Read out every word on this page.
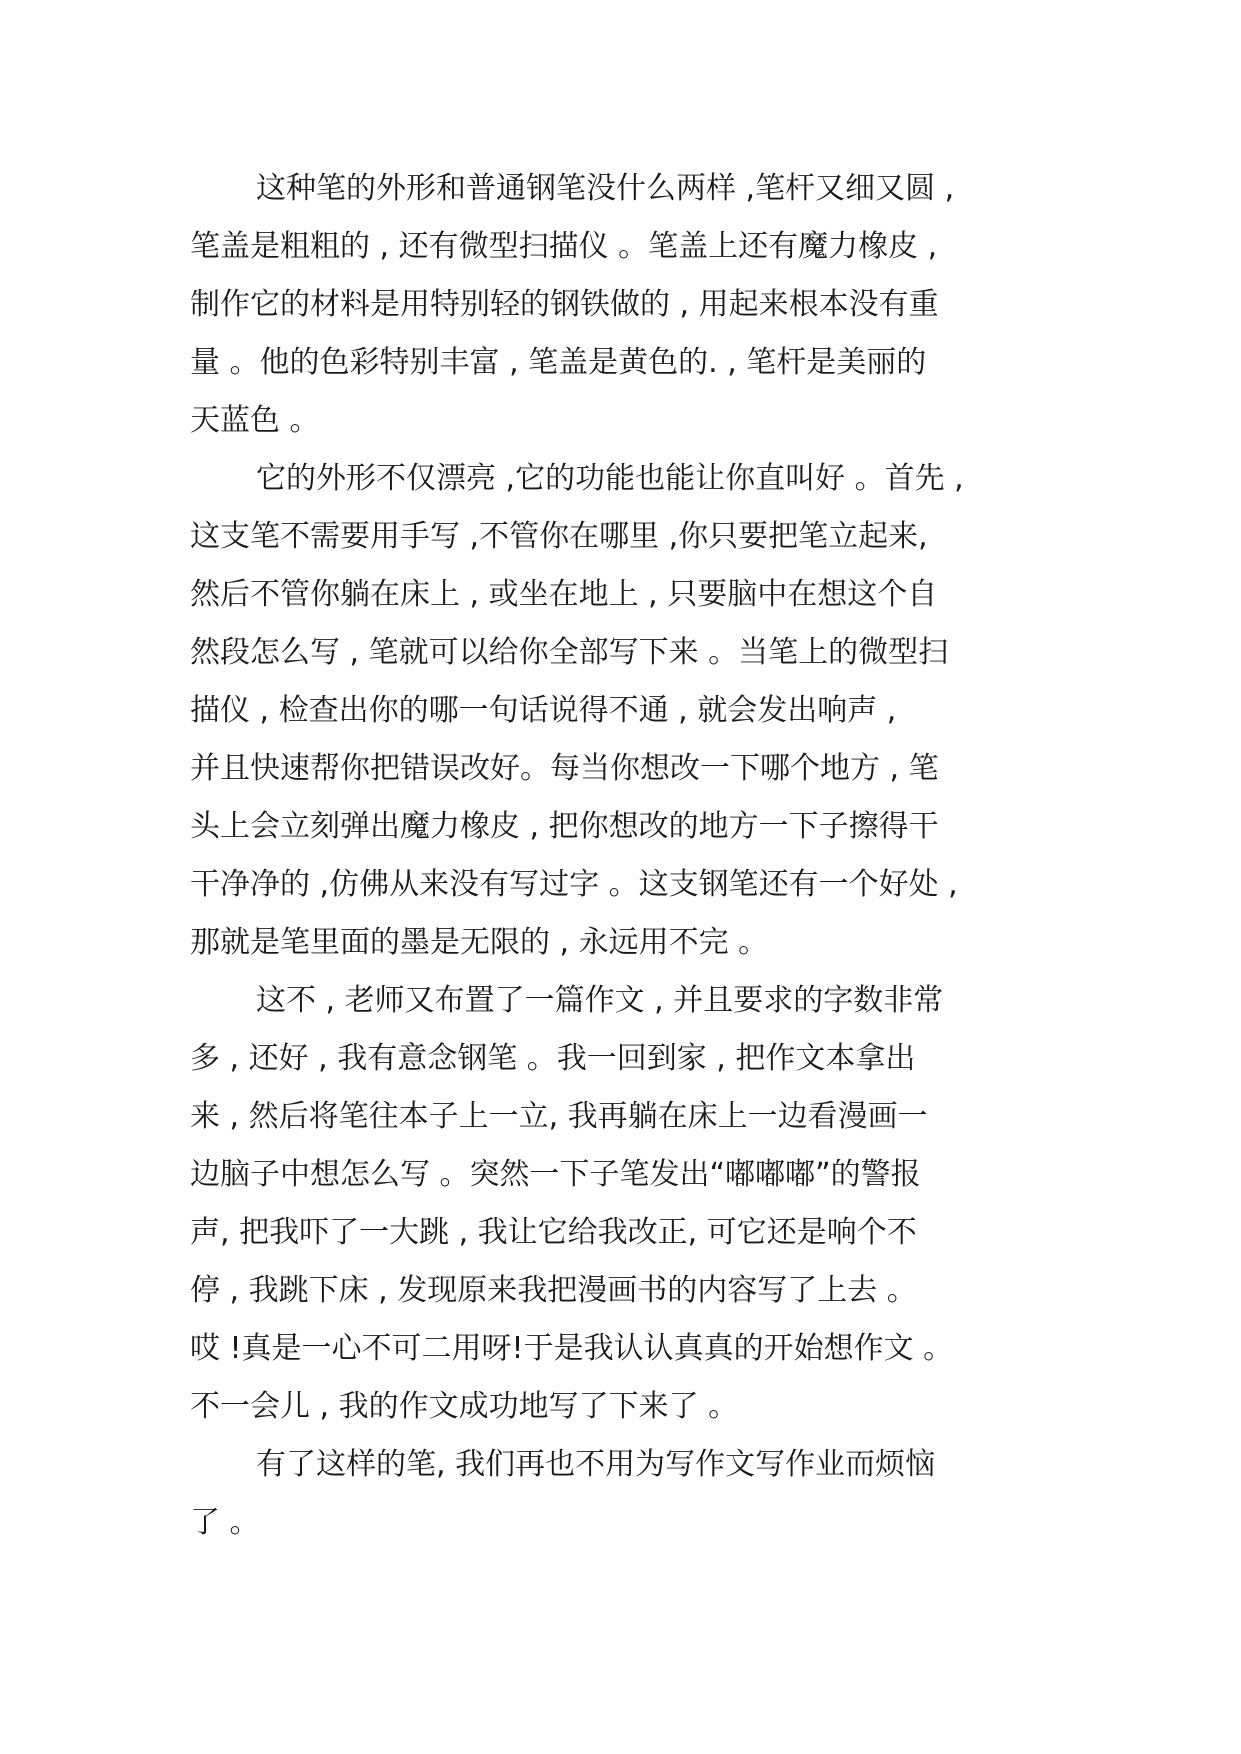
这种笔的外形和普通钢笔没什么两样 ,笔杆又细又圆 ,
笔盖是粗粗的 , 还有微型扫描仪 。笔盖上还有魔力橡皮 ,
制作它的材料是用特别轻的钢铁做的 , 用起来根本没有重
量 。他的色彩特别丰富 , 笔盖是黄色的. , 笔杆是美丽的
天蓝色 。
它的外形不仅漂亮 ,它的功能也能让你直叫好 。首先 ,
这支笔不需要用手写 ,不管你在哪里 ,你只要把笔立起来,
然后不管你躺在床上 , 或坐在地上 , 只要脑中在想这个自
然段怎么写 , 笔就可以给你全部写下来 。当笔上的微型扫
描仪 , 检查出你的哪一句话说得不通 , 就会发出响声 ,
并且快速帮你把错误改好。每当你想改一下哪个地方 , 笔
头上会立刻弹出魔力橡皮 , 把你想改的地方一下子擦得干
干净净的 ,仿佛从来没有写过字 。这支钢笔还有一个好处 ,
那就是笔里面的墨是无限的 , 永远用不完 。
这不 , 老师又布置了一篇作文 , 并且要求的字数非常
多 , 还好 , 我有意念钢笔 。我一回到家 , 把作文本拿出
来 , 然后将笔往本子上一立, 我再躺在床上一边看漫画一
边脑子中想怎么写 。突然一下子笔发出“嘟嘟嘟”的警报
声, 把我吓了一大跳 , 我让它给我改正, 可它还是响个不
停 , 我跳下床 , 发现原来我把漫画书的内容写了上去 。
哎 !真是一心不可二用呀!于是我认认真真的开始想作文 。
不一会儿 , 我的作文成功地写了下来了 。
有了这样的笔, 我们再也不用为写作文写作业而烦恼
了 。
